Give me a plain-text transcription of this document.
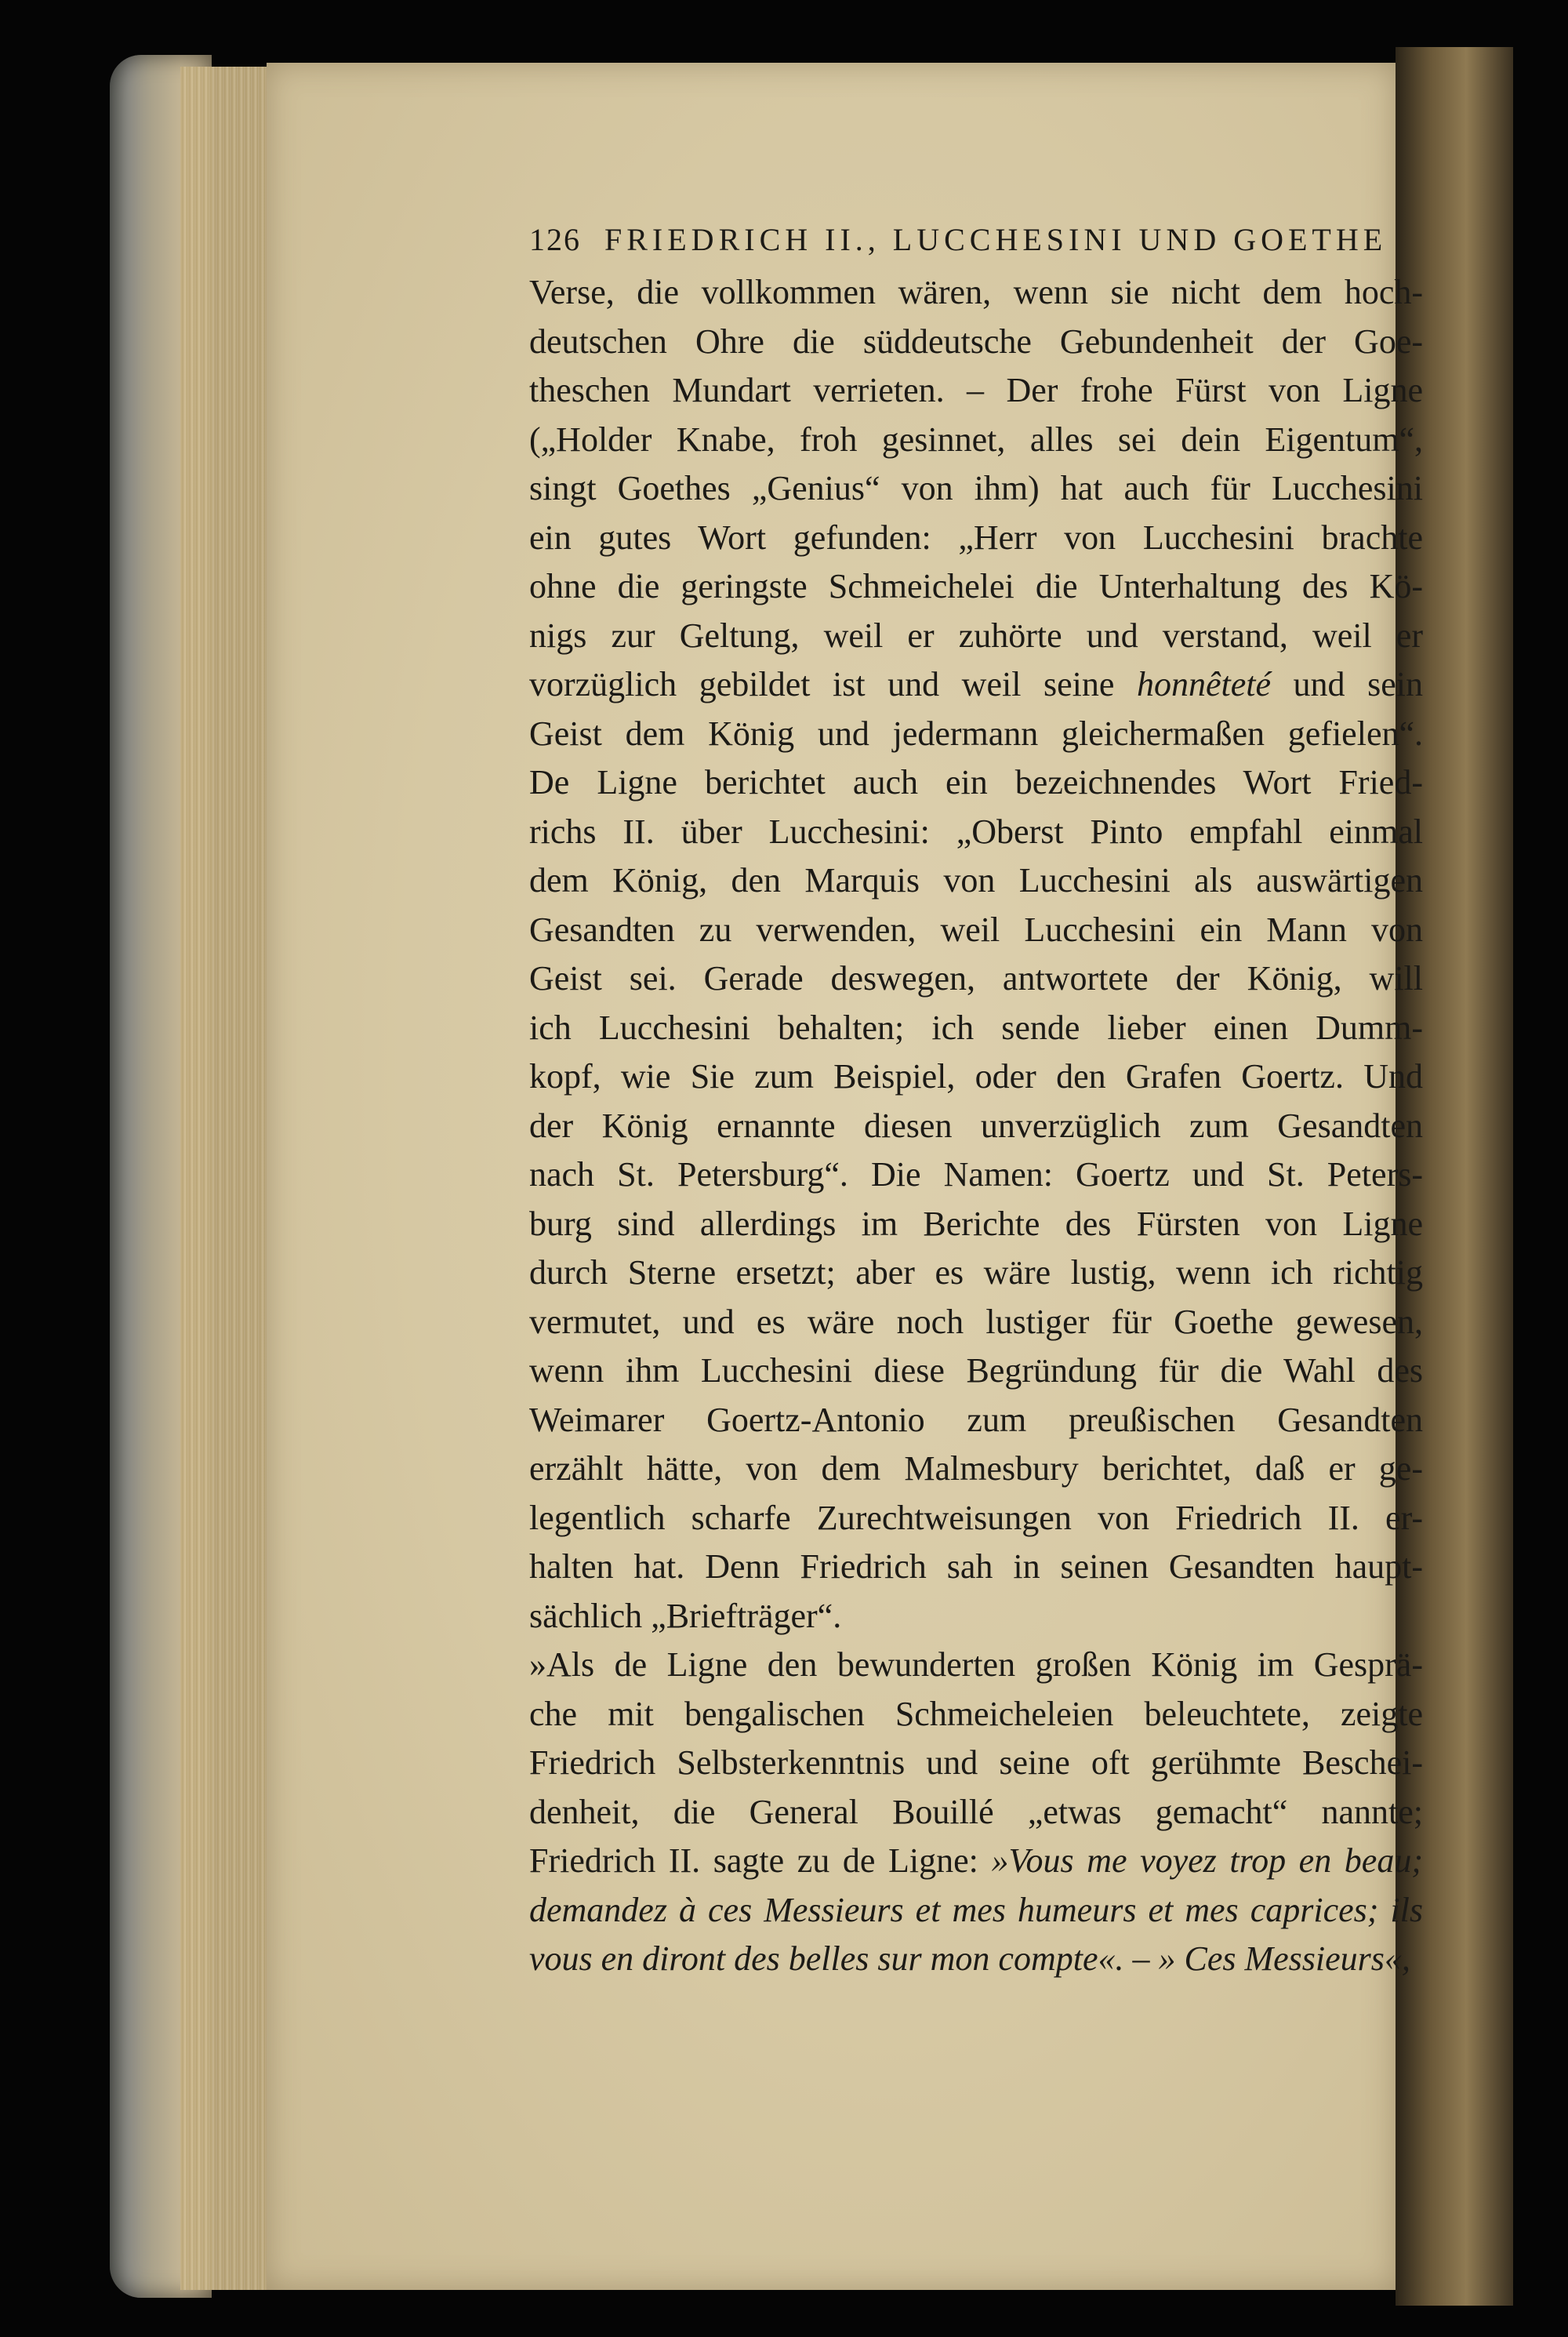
126 FRIEDRICH II., LUCCHESINI UND GOETHE
Verse, die vollkommen wären, wenn sie nicht dem hoch-
deutschen Ohre die süddeutsche Gebundenheit der Goe-
theschen Mundart verrieten. – Der frohe Fürst von Ligne
(„Holder Knabe, froh gesinnet, alles sei dein Eigentum“,
singt Goethes „Genius“ von ihm) hat auch für Lucchesini
ein gutes Wort gefunden: „Herr von Lucchesini brachte
ohne die geringste Schmeichelei die Unterhaltung des Kö-
nigs zur Geltung, weil er zuhörte und verstand, weil er
vorzüglich gebildet ist und weil seine honnêteté und sein
Geist dem König und jedermann gleichermaßen gefielen“.
De Ligne berichtet auch ein bezeichnendes Wort Fried-
richs II. über Lucchesini: „Oberst Pinto empfahl einmal
dem König, den Marquis von Lucchesini als auswärtigen
Gesandten zu verwenden, weil Lucchesini ein Mann von
Geist sei. Gerade deswegen, antwortete der König, will
ich Lucchesini behalten; ich sende lieber einen Dumm-
kopf, wie Sie zum Beispiel, oder den Grafen Goertz. Und
der König ernannte diesen unverzüglich zum Gesandten
nach St. Petersburg“. Die Namen: Goertz und St. Peters-
burg sind allerdings im Berichte des Fürsten von Ligne
durch Sterne ersetzt; aber es wäre lustig, wenn ich richtig
vermutet, und es wäre noch lustiger für Goethe gewesen,
wenn ihm Lucchesini diese Begründung für die Wahl des
Weimarer Goertz-Antonio zum preußischen Gesandten
erzählt hätte, von dem Malmesbury berichtet, daß er ge-
legentlich scharfe Zurechtweisungen von Friedrich II. er-
halten hat. Denn Friedrich sah in seinen Gesandten haupt-
sächlich „Briefträger“.
»Als de Ligne den bewunderten großen König im Gesprä-
che mit bengalischen Schmeicheleien beleuchtete, zeigte
Friedrich Selbsterkenntnis und seine oft gerühmte Beschei-
denheit, die General Bouillé „etwas gemacht“ nannte;
Friedrich II. sagte zu de Ligne: »Vous me voyez trop en beau;
demandez à ces Messieurs et mes humeurs et mes caprices; ils
vous en diront des belles sur mon compte«. – » Ces Messieurs«,
